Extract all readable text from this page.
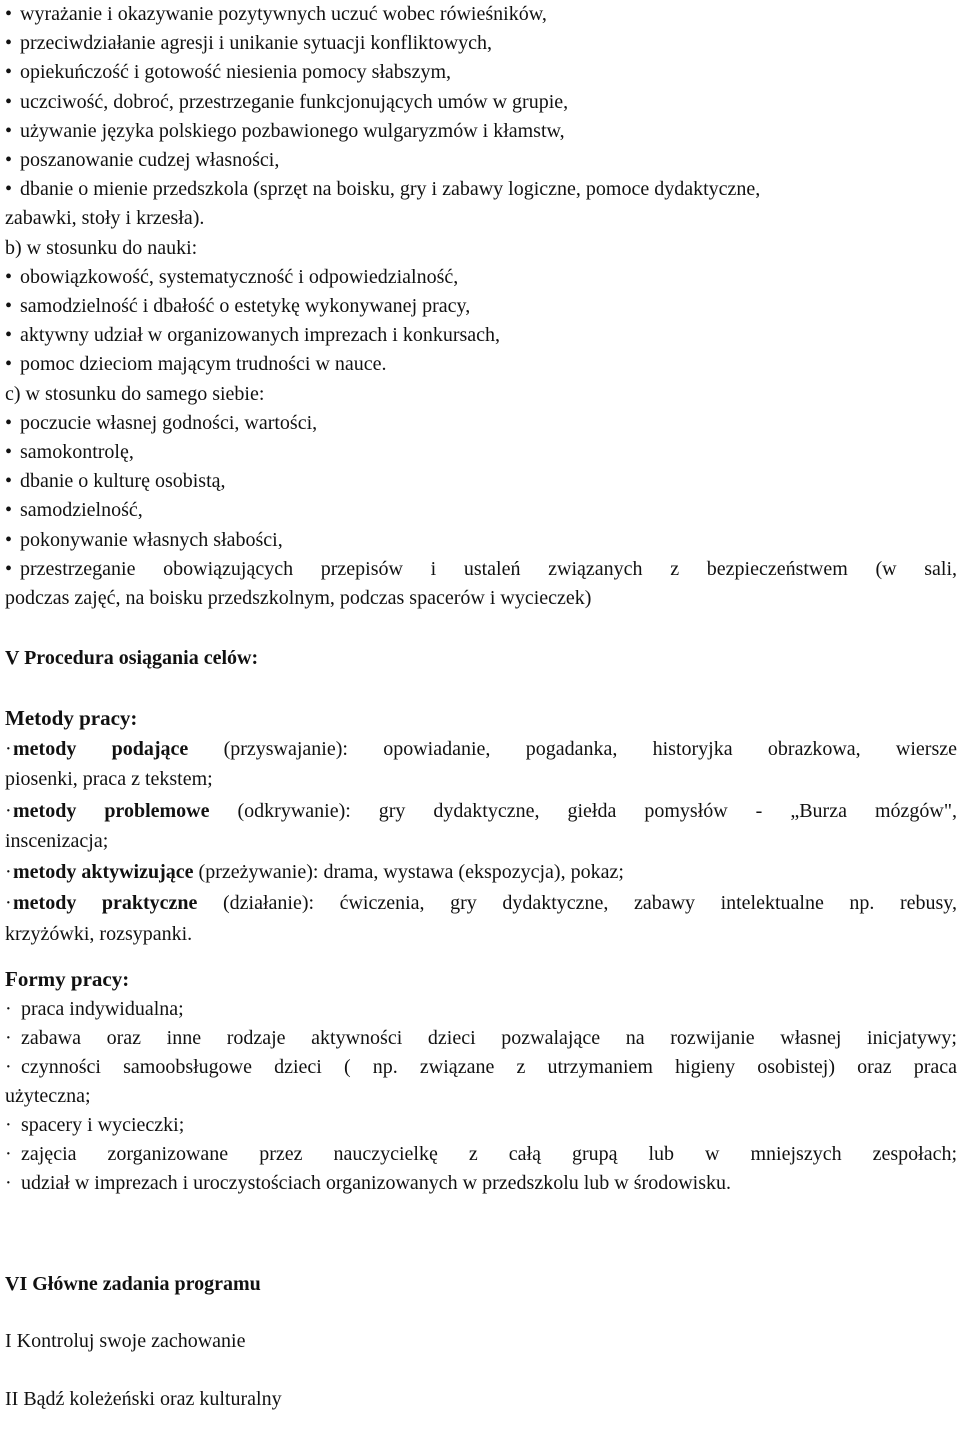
• wyrażanie i okazywanie pozytywnych uczuć wobec rówieśników,
• przeciwdziałanie agresji i unikanie sytuacji konfliktowych,
• opiekuńczość i gotowość niesienia pomocy słabszym,
• uczciwość, dobroć, przestrzeganie funkcjonujących umów w grupie,
• używanie języka polskiego pozbawionego wulgaryzmów i kłamstw,
• poszanowanie cudzej własności,
• dbanie o mienie przedszkola (sprzęt na boisku, gry i zabawy logiczne, pomoce dydaktyczne,
zabawki, stoły i krzesła).
b) w stosunku do nauki:
• obowiązkowość, systematyczność i odpowiedzialność,
• samodzielność i dbałość o estetykę wykonywanej pracy,
• aktywny udział w organizowanych imprezach i konkursach,
• pomoc dzieciom mającym trudności w nauce.
c) w stosunku do samego siebie:
• poczucie własnej godności, wartości,
• samokontrolę,
• dbanie o kulturę osobistą,
• samodzielność,
• pokonywanie własnych słabości,
• przestrzeganie obowiązujących przepisów i ustaleń związanych z bezpieczeństwem (w sali,
podczas zajęć, na boisku przedszkolnym, podczas spacerów i wycieczek)
V Procedura osiągania celów:
Metody pracy:
·metody podające (przyswajanie): opowiadanie, pogadanka, historyjka obrazkowa, wiersze
piosenki, praca z tekstem;
·metody problemowe (odkrywanie): gry dydaktyczne, giełda pomysłów - „Burza mózgów",
inscenizacja;
·metody aktywizujące (przeżywanie): drama, wystawa (ekspozycja), pokaz;
·metody praktyczne (działanie): ćwiczenia, gry dydaktyczne, zabawy intelektualne np. rebusy,
krzyżówki, rozsypanki.
Formy pracy:
· praca indywidualna;
· zabawa oraz inne rodzaje aktywności dzieci pozwalające na rozwijanie własnej inicjatywy;
· czynności samoobsługowe dzieci ( np. związane z utrzymaniem higieny osobistej) oraz praca
użyteczna;
· spacery i wycieczki;
· zajęcia zorganizowane przez nauczycielkę z całą grupą lub w mniejszych zespołach;
· udział w imprezach i uroczystościach organizowanych w przedszkolu lub w środowisku.
VI Główne zadania programu
I Kontroluj swoje zachowanie
II Bądź koleżeński oraz kulturalny
